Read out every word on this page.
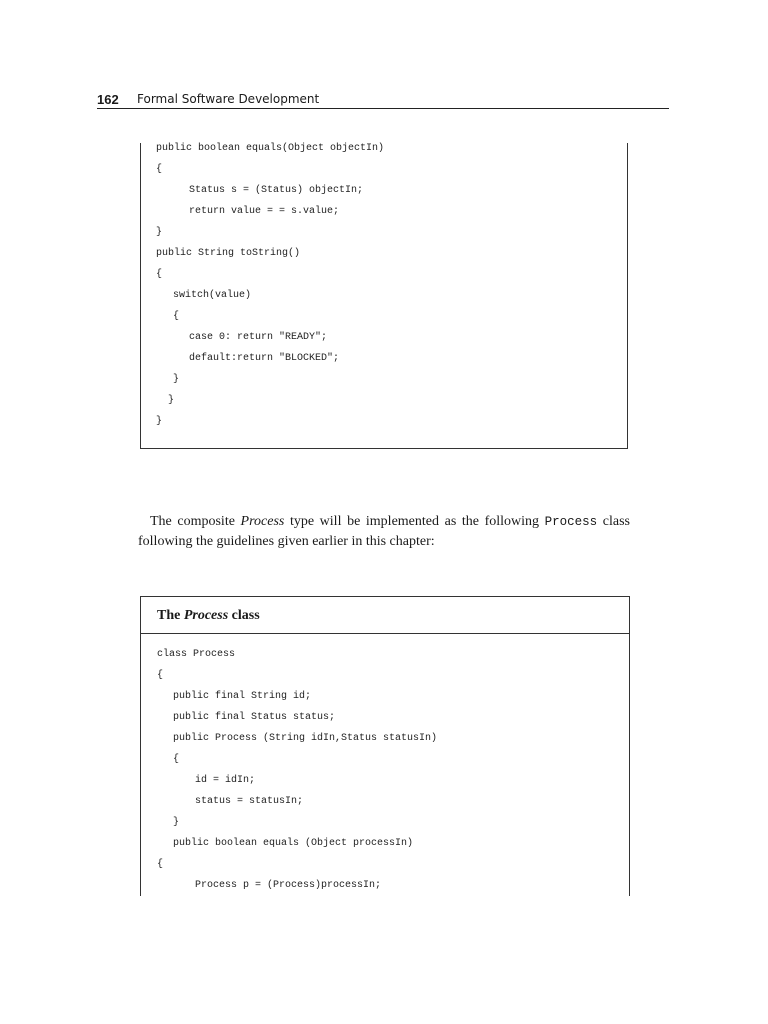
162 Formal Software Development
public boolean equals(Object objectIn)
{
Status s = (Status) objectIn;
return value = = s.value;
}
public String toString()
{
switch(value)
{
case 0: return "READY";
default:return "BLOCKED";
}
}
}
The composite Process type will be implemented as the following Process class following the guidelines given earlier in this chapter:
The Process class
class Process
{
public final String id;
public final Status status;
public Process (String idIn,Status statusIn)
{
id = idIn;
status = statusIn;
}
public boolean equals (Object processIn)
{
Process p = (Process)processIn;
